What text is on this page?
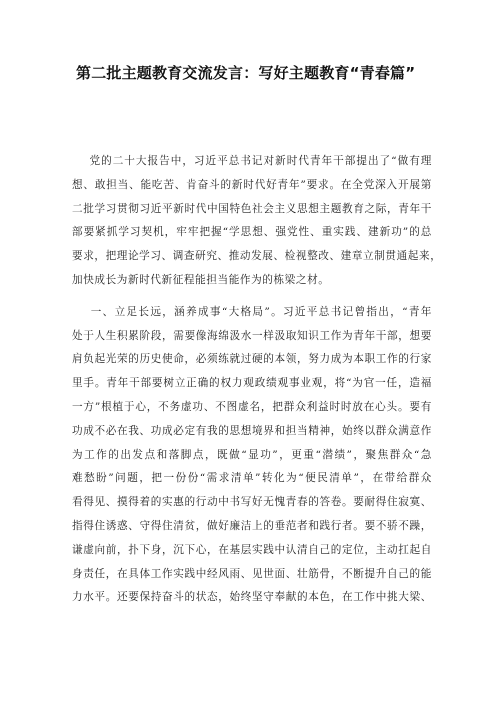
第二批主题教育交流发言：写好主题教育“青春篇”
党的二十大报告中，习近平总书记对新时代青年干部提出了“做有理
想、敢担当、能吃苦、肯奋斗的新时代好青年”要求。在全党深入开展第
二批学习贯彻习近平新时代中国特色社会主义思想主题教育之际，青年干
部要紧抓学习契机，牢牢把握“学思想、强党性、重实践、建新功”的总
要求，把理论学习、调查研究、推动发展、检视整改、建章立制贯通起来，
加快成长为新时代新征程能担当能作为的栋梁之材。
一、立足长远，涵养成事“大格局”。习近平总书记曾指出，“青年
处于人生积累阶段，需要像海绵汲水一样汲取知识工作为青年干部，想要
肩负起光荣的历史使命，必须练就过硬的本领，努力成为本职工作的行家
里手。青年干部要树立正确的权力观政绩观事业观，将“为官一任，造福
一方”根植于心，不务虚功、不图虚名，把群众利益时时放在心头。要有
功成不必在我、功成必定有我的思想境界和担当精神，始终以群众满意作
为工作的出发点和落脚点，既做“显功”，更重“潜绩”，聚焦群众“急
难愁盼”问题，把一份份“需求清单”转化为“便民清单”，在带给群众
看得见、摸得着的实惠的行动中书写好无愧青春的答卷。要耐得住寂寞、
指得住诱惑、守得住清贫，做好廉洁上的垂范者和践行者。要不骄不躁，
谦虚向前，扑下身，沉下心，在基层实践中认清自己的定位，主动扛起自
身责任，在具体工作实践中经风雨、见世面、壮筋骨，不断提升自己的能
力水平。还要保持奋斗的状态，始终坚守奉献的本色，在工作中挑大梁、
